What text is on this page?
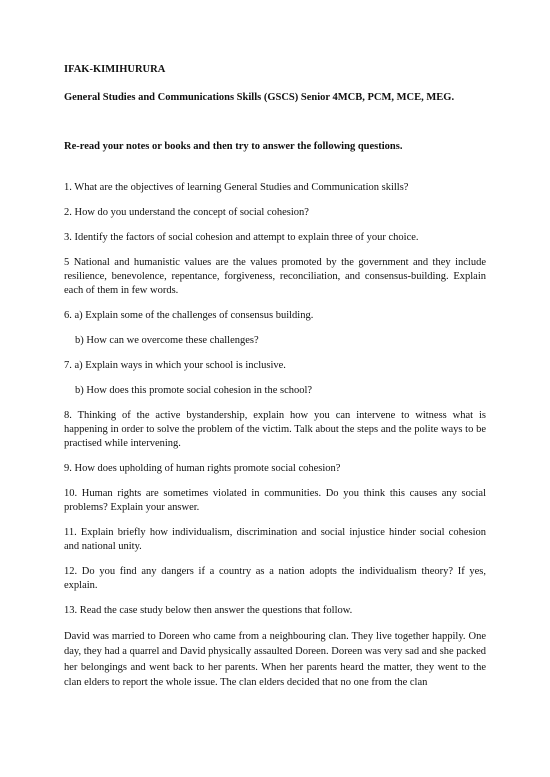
IFAK-KIMIHURURA
General Studies and Communications Skills (GSCS) Senior 4MCB, PCM, MCE, MEG.
Re-read your notes or books and then try to answer the following questions.

1. What are the objectives of learning General Studies and Communication skills?

2. How do you understand the concept of social cohesion?

3. Identify the factors of social cohesion and attempt to explain three of your choice.

5 National and humanistic values are the values promoted by the government and they include resilience, benevolence, repentance, forgiveness, reconciliation, and consensus-building. Explain each of them in few words.

6. a) Explain some of the challenges of consensus building.

b) How can we overcome these challenges?

7. a) Explain ways in which your school is inclusive.

b) How does this promote social cohesion in the school?

8. Thinking of the active bystandership, explain how you can intervene to witness what is happening in order to solve the problem of the victim. Talk about the steps and the polite ways to be practised while intervening.

9. How does upholding of human rights promote social cohesion?

10. Human rights are sometimes violated in communities. Do you think this causes any social problems? Explain your answer.

11. Explain briefly how individualism, discrimination and social injustice hinder social cohesion and national unity.

12. Do you find any dangers if a country as a nation adopts the individualism theory? If yes, explain.

13. Read the case study below then answer the questions that follow.

David was married to Doreen who came from a neighbouring clan. They live together happily. One day, they had a quarrel and David physically assaulted Doreen. Doreen was very sad and she packed her belongings and went back to her parents. When her parents heard the matter, they went to the clan elders to report the whole issue. The clan elders decided that no one from the clan
